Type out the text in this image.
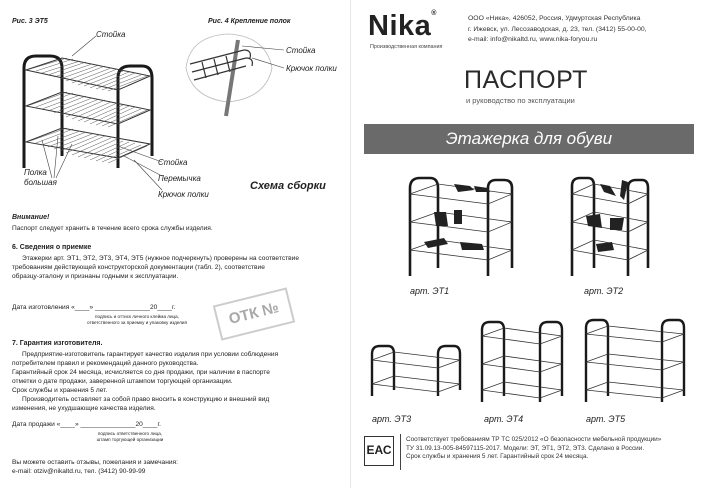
Рис. 3 ЭТ5	Рис. 4 Крепление полок
Стойка
Полка большая
Стойка
Перемычка
Крючок полки
Стойка
Крючок полки
Схема сборки
Внимание!
Паспорт следует хранить в течение всего срока службы изделия.
6. Сведения о приемке
Этажерки арт. ЭТ1, ЭТ2, ЭТ3, ЭТ4, ЭТ5 (нужное подчеркнуть) проверены на соответствие
требованиям действующей конструкторской документации (табл. 2), соответствие
образцу-эталону и признаны годными к эксплуатации.
Дата изготовления «____» _______________20____г.
подпись и оттиск личного клейма лица,
ответственного за приемку и упаковку изделия	ОТК №
7. Гарантия изготовителя.
Предприятие-изготовитель гарантирует качество изделия при условии соблюдения
потребителем правил и рекомендаций данного руководства.
Гарантийный срок 24 месяца, исчисляется со дня продажи, при наличии в паспорте
отметки о дате продажи, заверенной штампом торгующей организации.
Срок службы и хранения 5 лет.
Производитель оставляет за собой право вносить в конструкцию и внешний вид
изменения, не ухудшающие качества изделия.
Дата продажи «____» _______________20____г.
подпись ответственного лица,
штамп торгующей организации
Вы можете оставить отзывы, пожелания и замечания:
e-mail: otziv@nikaltd.ru, тел. (3412) 90-99-99
Nika®
Производственная компания
ООО «Ника», 426052, Россия, Удмуртская Республика
г. Ижевск, ул. Лесозаводская, д. 23, тел. (3412) 55-00-00,
e-mail: info@nikaltd.ru, www.nika-foryou.ru
ПАСПОРТ
и руководство по эксплуатации
Этажерка для обуви
арт. ЭТ1	арт. ЭТ2
арт. ЭТ3	арт. ЭТ4	арт. ЭТ5
ЕАС
Соответствует требованиям ТР ТС 025/2012 «О безопасности мебельной продукции»
ТУ 31.09.13-005-84597115-2017. Модели: ЭТ, ЭТ1, ЭТ2, ЭТ3. Сделано в России.
Срок службы и хранения 5 лет. Гарантийный срок 24 месяца.
